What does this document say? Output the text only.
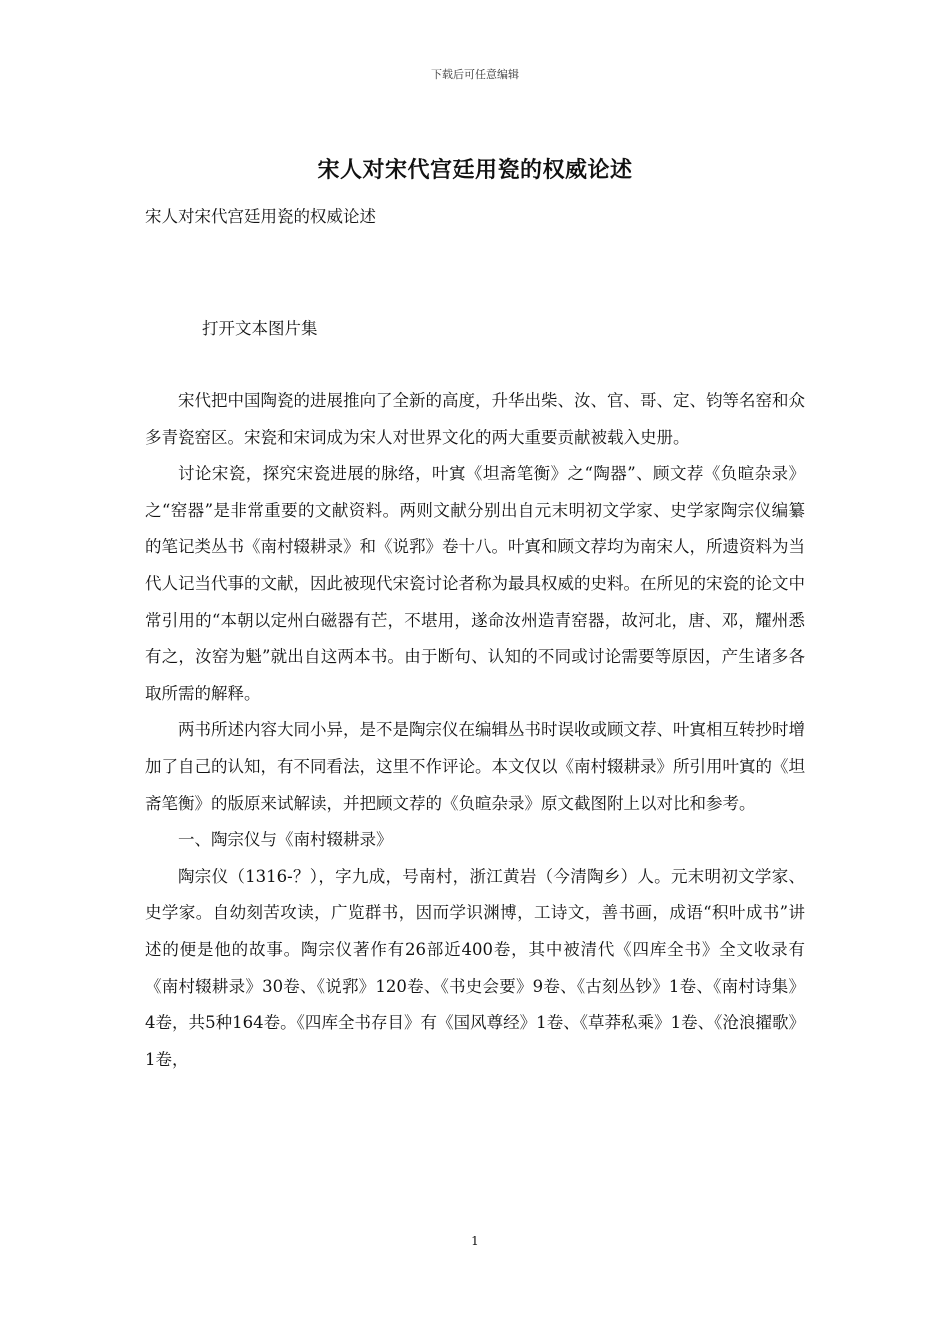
下载后可任意编辑
宋人对宋代宫廷用瓷的权威论述
宋人对宋代宫廷用瓷的权威论述
打开文本图片集

宋代把中国陶瓷的进展推向了全新的高度，升华出柴、汝、官、哥、定、钧等名窑和众多青瓷窑区。宋瓷和宋词成为宋人对世界文化的两大重要贡献被载入史册。

讨论宋瓷，探究宋瓷进展的脉络，叶寘《坦斋笔衡》之“陶器”、顾文荐《负暄杂录》之“窑器”是非常重要的文献资料。两则文献分别出自元末明初文学家、史学家陶宗仪编纂的笔记类丛书《南村辍耕录》和《说郛》卷十八。叶寘和顾文荐均为南宋人，所遗资料为当代人记当代事的文献，因此被现代宋瓷讨论者称为最具权威的史料。在所见的宋瓷的论文中常引用的“本朝以定州白磁器有芒，不堪用，遂命汝州造青窑器，故河北，唐、邓，耀州悉有之，汝窑为魁”就出自这两本书。由于断句、认知的不同或讨论需要等原因，产生诸多各取所需的解释。

两书所述内容大同小异，是不是陶宗仪在编辑丛书时误收或顾文荐、叶寘相互转抄时增加了自己的认知，有不同看法，这里不作评论。本文仅以《南村辍耕录》所引用叶寘的《坦斋笔衡》的版原来试解读，并把顾文荐的《负暄杂录》原文截图附上以对比和参考。

一、陶宗仪与《南村辍耕录》

陶宗仪（1316-？），字九成，号南村，浙江黄岩（今清陶乡）人。元末明初文学家、史学家。自幼刻苦攻读，广览群书，因而学识渊博，工诗文，善书画，成语“积叶成书”讲述的便是他的故事。陶宗仪著作有26部近400卷，其中被清代《四库全书》全文收录有《南村辍耕录》30卷、《说郛》120卷、《书史会要》9卷、《古刻丛钞》1卷、《南村诗集》4卷，共5种164卷。《四库全书存目》有《国风尊经》1卷、《草莽私乘》1卷、《沧浪擢歌》1卷，

1
